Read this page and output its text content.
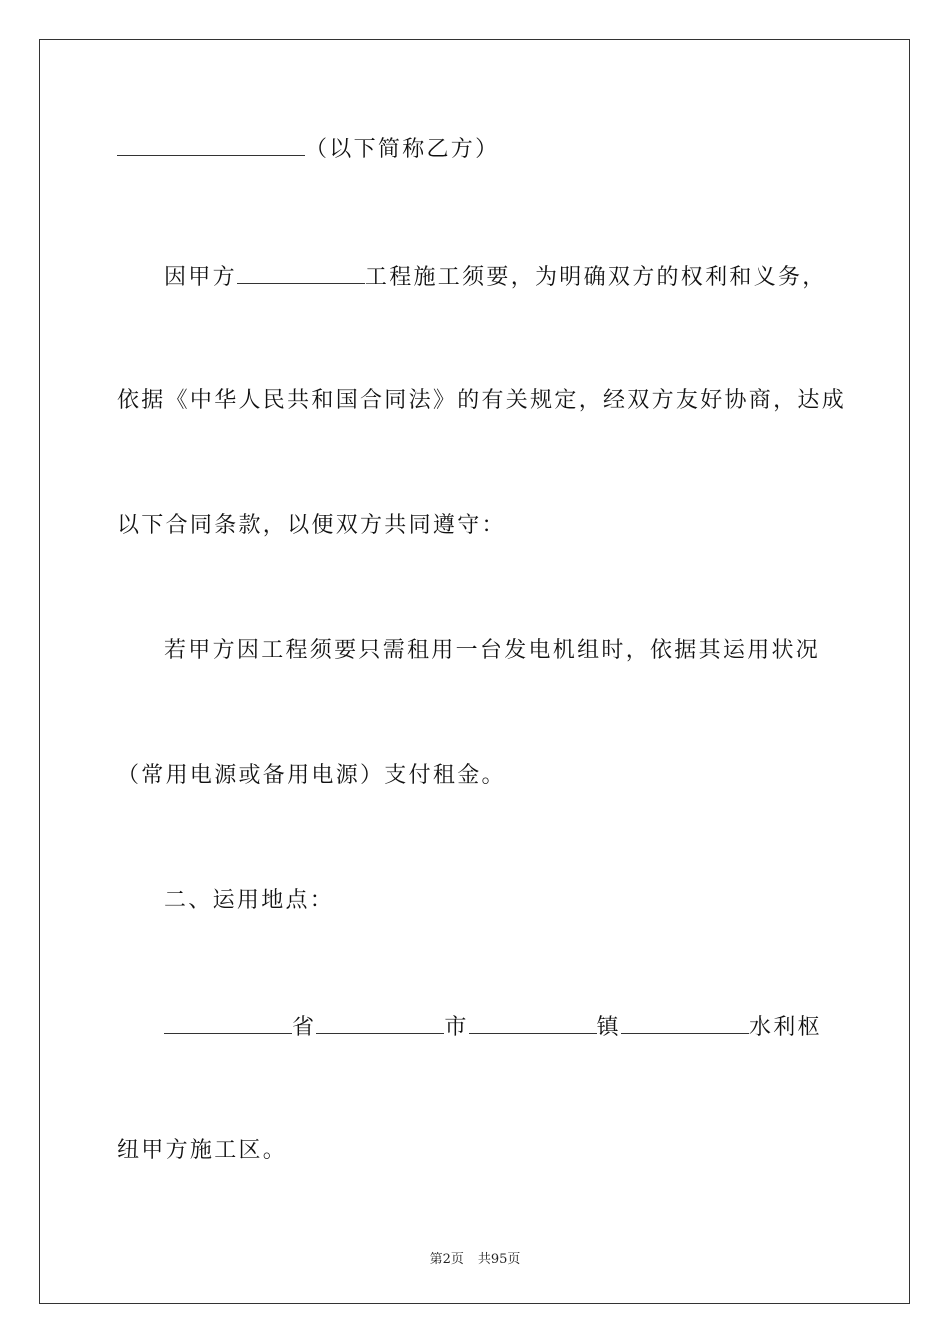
（以下简称乙方）
因甲方	工程施工须要，为明确双方的权利和义务，
依据《中华人民共和国合同法》的有关规定，经双方友好协商，达成
以下合同条款，以便双方共同遵守：
若甲方因工程须要只需租用一台发电机组时，依据其运用状况
（常用电源或备用电源）支付租金。
二、运用地点：
省	市	镇	水利枢
纽甲方施工区。
第2页 共95页
